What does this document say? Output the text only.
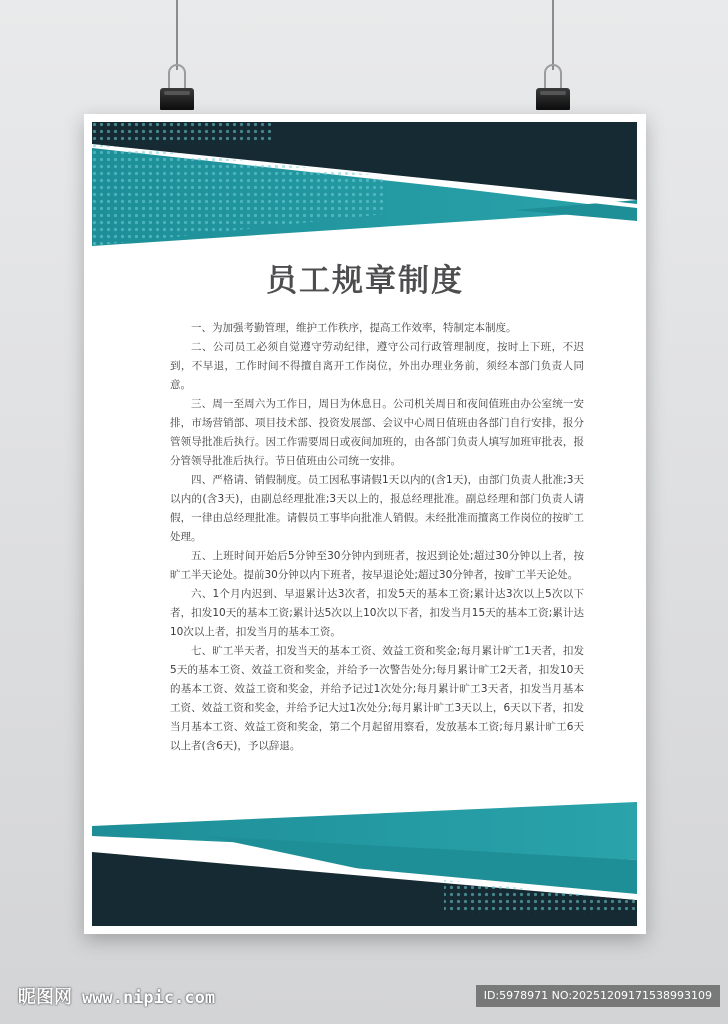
员工规章制度

一、为加强考勤管理，维护工作秩序，提高工作效率，特制定本制度。

二、公司员工必须自觉遵守劳动纪律，遵守公司行政管理制度，按时上下班，不迟到，不早退，工作时间不得擅自离开工作岗位，外出办理业务前，须经本部门负责人同意。

三、周一至周六为工作日，周日为休息日。公司机关周日和夜间值班由办公室统一安排，市场营销部、项目技术部、投资发展部、会议中心周日值班由各部门自行安排，报分管领导批准后执行。因工作需要周日或夜间加班的，由各部门负责人填写加班审批表，报分管领导批准后执行。节日值班由公司统一安排。

四、严格请、销假制度。员工因私事请假1天以内的(含1天)，由部门负责人批准;3天以内的(含3天)，由副总经理批准;3天以上的，报总经理批准。副总经理和部门负责人请假，一律由总经理批准。请假员工事毕向批准人销假。未经批准而擅离工作岗位的按旷工处理。

五、上班时间开始后5分钟至30分钟内到班者，按迟到论处;超过30分钟以上者，按旷工半天论处。提前30分钟以内下班者，按早退论处;超过30分钟者，按旷工半天论处。

六、1个月内迟到、早退累计达3次者，扣发5天的基本工资;累计达3次以上5次以下者，扣发10天的基本工资;累计达5次以上10次以下者，扣发当月15天的基本工资;累计达10次以上者，扣发当月的基本工资。

七、旷工半天者，扣发当天的基本工资、效益工资和奖金;每月累计旷工1天者，扣发5天的基本工资、效益工资和奖金，并给予一次警告处分;每月累计旷工2天者，扣发10天的基本工资、效益工资和奖金，并给予记过1次处分;每月累计旷工3天者，扣发当月基本工资、效益工资和奖金，并给予记大过1次处分;每月累计旷工3天以上，6天以下者，扣发当月基本工资、效益工资和奖金，第二个月起留用察看，发放基本工资;每月累计旷工6天以上者(含6天)，予以辞退。

昵图网 www.nipic.com	ID:5978971 NO:20251209171538993109
